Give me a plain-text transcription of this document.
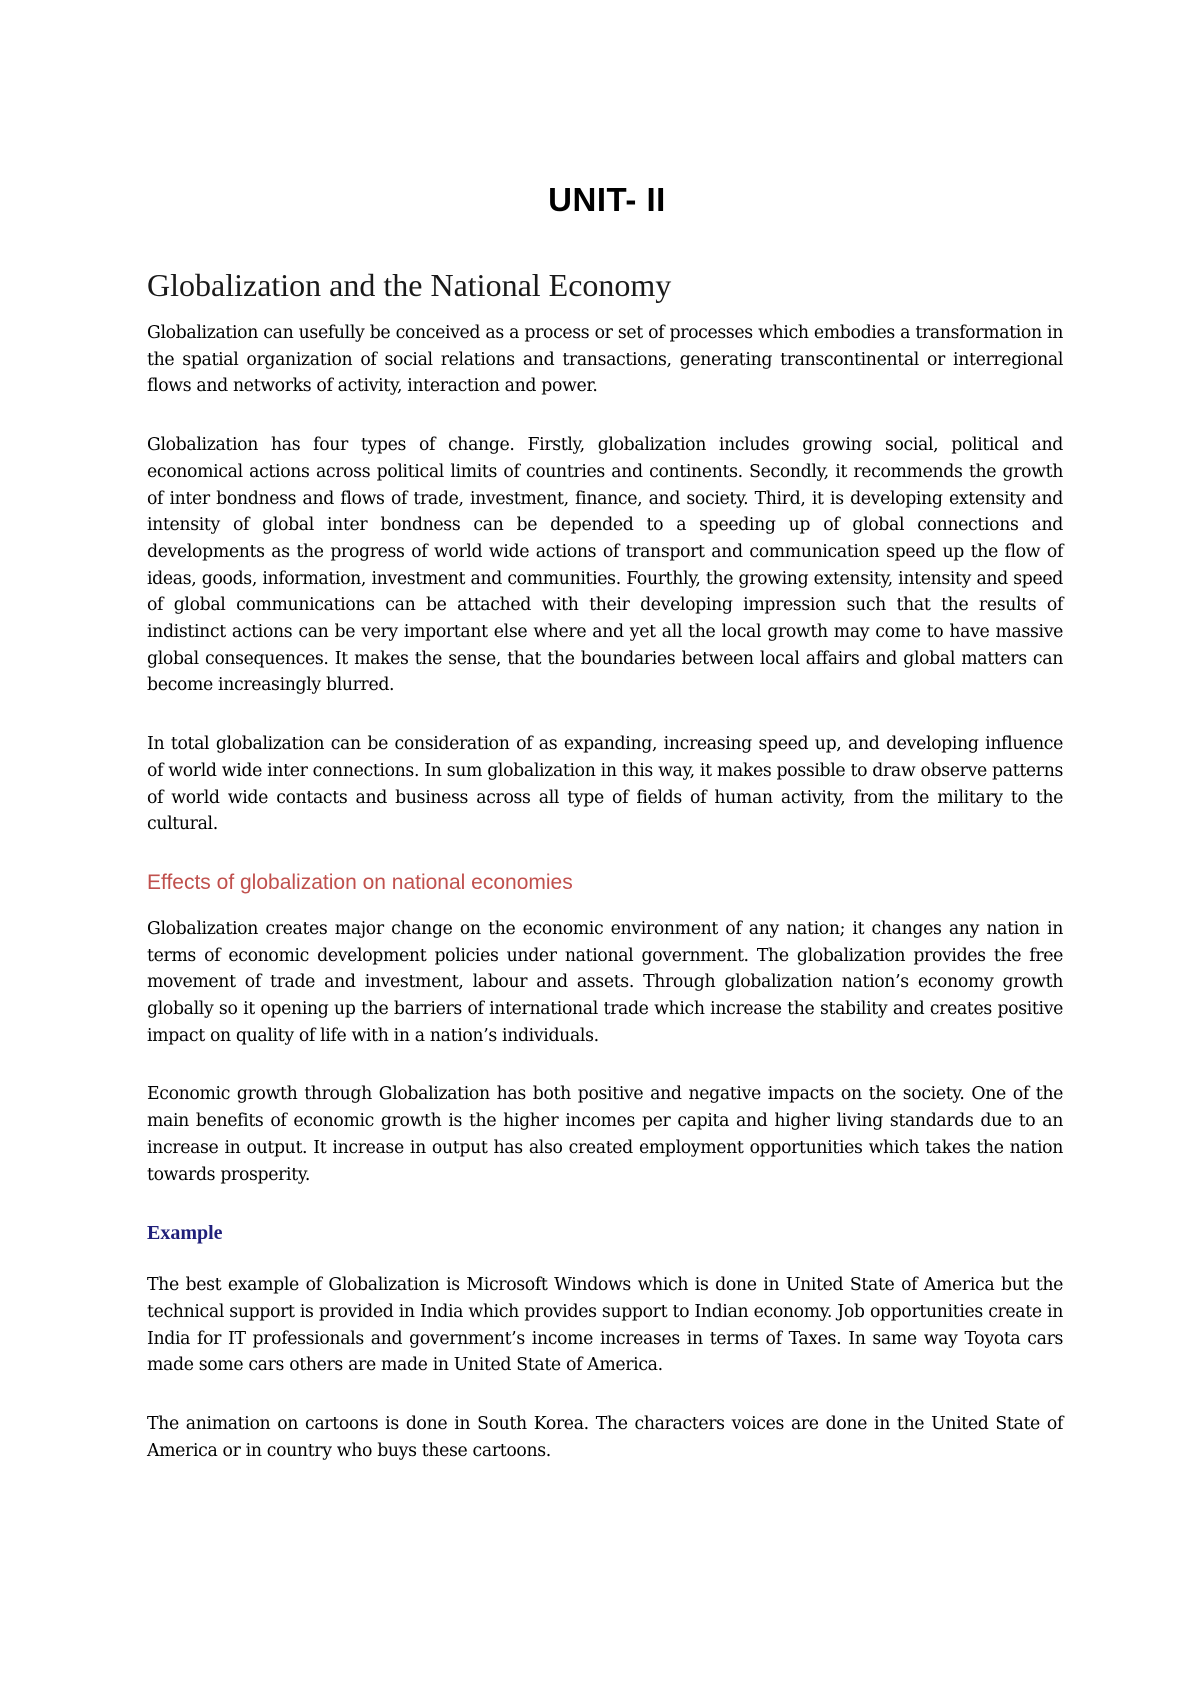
UNIT- II
Globalization and the National Economy

Globalization can usefully be conceived as a process or set of processes which embodies a transformation in the spatial organization of social relations and transactions, generating transcontinental or interregional flows and networks of activity, interaction and power.

Globalization has four types of change. Firstly, globalization includes growing social, political and economical actions across political limits of countries and continents. Secondly, it recommends the growth of inter bondness and flows of trade, investment, finance, and society. Third, it is developing extensity and intensity of global inter bondness can be depended to a speeding up of global connections and developments as the progress of world wide actions of transport and communication speed up the flow of ideas, goods, information, investment and communities. Fourthly, the growing extensity, intensity and speed of global communications can be attached with their developing impression such that the results of indistinct actions can be very important else where and yet all the local growth may come to have massive global consequences. It makes the sense, that the boundaries between local affairs and global matters can become increasingly blurred.

In total globalization can be consideration of as expanding, increasing speed up, and developing influence of world wide inter connections. In sum globalization in this way, it makes possible to draw observe patterns of world wide contacts and business across all type of fields of human activity, from the military to the cultural.

Effects of globalization on national economies

Globalization creates major change on the economic environment of any nation; it changes any nation in terms of economic development policies under national government. The globalization provides the free movement of trade and investment, labour and assets. Through globalization nation’s economy growth globally so it opening up the barriers of international trade which increase the stability and creates positive impact on quality of life with in a nation’s individuals.

Economic growth through Globalization has both positive and negative impacts on the society. One of the main benefits of economic growth is the higher incomes per capita and higher living standards due to an increase in output. It increase in output has also created employment opportunities which takes the nation towards prosperity.

Example

The best example of Globalization is Microsoft Windows which is done in United State of America but the technical support is provided in India which provides support to Indian economy. Job opportunities create in India for IT professionals and government’s income increases in terms of Taxes. In same way Toyota cars made some cars others are made in United State of America.

The animation on cartoons is done in South Korea. The characters voices are done in the United State of America or in country who buys these cartoons.
